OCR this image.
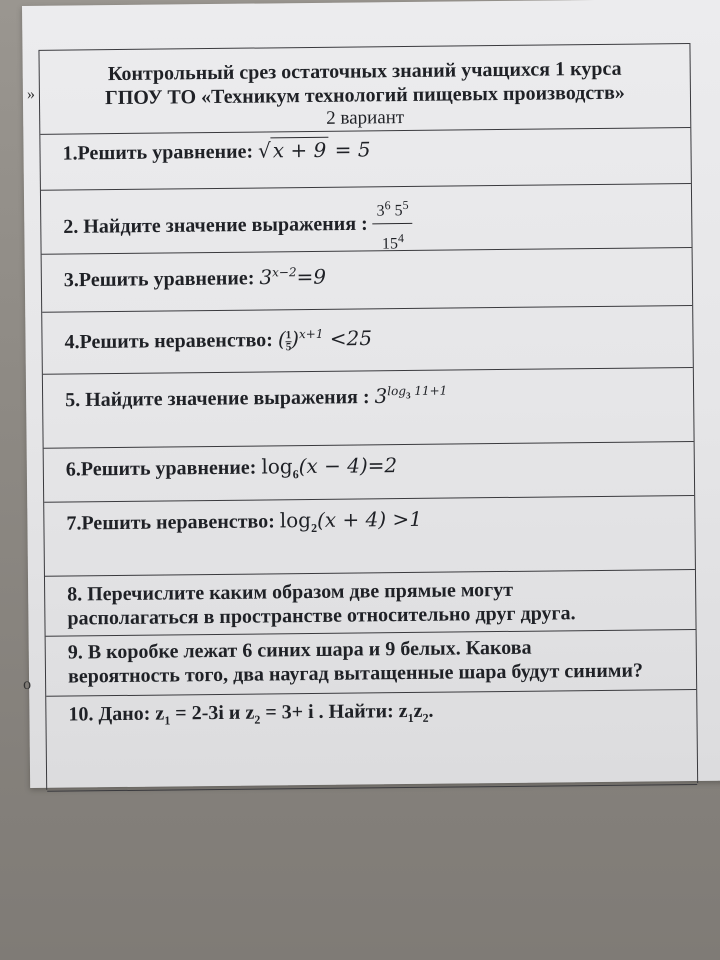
»
о
Контрольный срез остаточных знаний учащихся 1 курса
ГПОУ ТО «Техникум технологий пищевых производств»
2 вариант
1.Решить уравнение: √x + 9 = 5
2. Найдите значение выражения : $\frac{3^6 5^5}{15^4}$
3.Решить уравнение: $3^{x-2}=9$
4.Решить неравенство: ( $\frac{1}{5})^{x+1} <25$
5. Найдите значение выражения : $3^{log_3 11+1}$
6.Решить уравнение: $\log_6(x - 4)=2$
7.Решить неравенство: $\log_2(x + 4) >1$
8. Перечислите каким образом две прямые могут
располагаться в пространстве относительно друг друга.
9. В коробке лежат 6 синих шара и 9 белых. Какова
вероятность того, два наугад вытащенные шара будут синими?
10. Дано: $z_1 = 2-3i$ и $z_2 = 3+ i$ . Найти: $z_1z_2$.
